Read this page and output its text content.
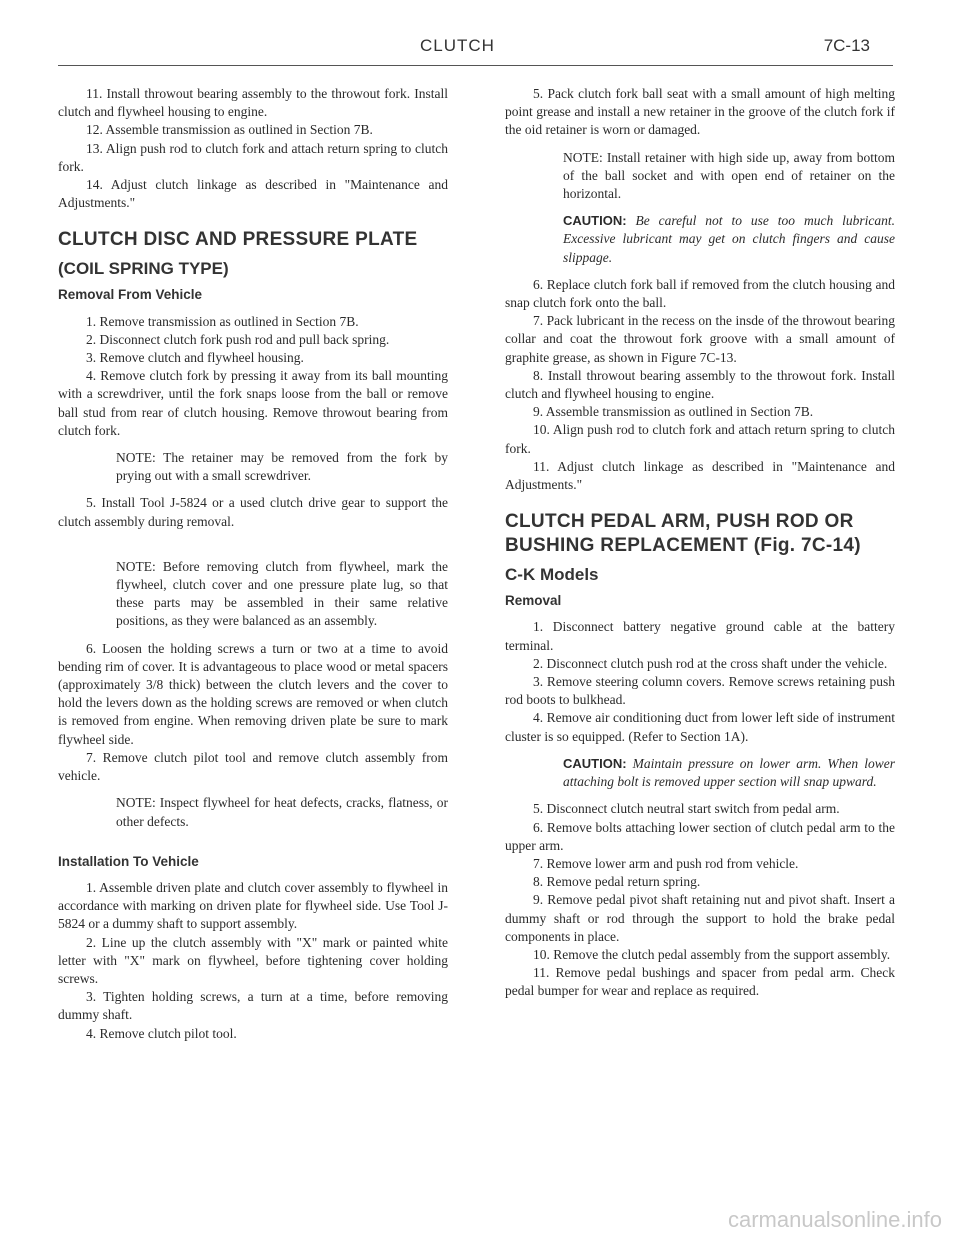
CLUTCH	7C-13

11. Install throwout bearing assembly to the throwout fork. Install clutch and flywheel housing to engine.

12. Assemble transmission as outlined in Section 7B.

13. Align push rod to clutch fork and attach return spring to clutch fork.

14. Adjust clutch linkage as described in "Maintenance and Adjustments."

CLUTCH DISC AND PRESSURE PLATE
(COIL SPRING TYPE)
Removal From Vehicle

1. Remove transmission as outlined in Section 7B.

2. Disconnect clutch fork push rod and pull back spring.

3. Remove clutch and flywheel housing.

4. Remove clutch fork by pressing it away from its ball mounting with a screwdriver, until the fork snaps loose from the ball or remove ball stud from rear of clutch housing. Remove throwout bearing from clutch fork.

NOTE: The retainer may be removed from the fork by prying out with a small screwdriver.

5. Install Tool J-5824 or a used clutch drive gear to support the clutch assembly during removal.

NOTE: Before removing clutch from flywheel, mark the flywheel, clutch cover and one pressure plate lug, so that these parts may be assembled in their same relative positions, as they were balanced as an assembly.

6. Loosen the holding screws a turn or two at a time to avoid bending rim of cover. It is advantageous to place wood or metal spacers (approximately 3/8 thick) between the clutch levers and the cover to hold the levers down as the holding screws are removed or when clutch is removed from engine. When removing driven plate be sure to mark flywheel side.

7. Remove clutch pilot tool and remove clutch assembly from vehicle.

NOTE: Inspect flywheel for heat defects, cracks, flatness, or other defects.

Installation To Vehicle

1. Assemble driven plate and clutch cover assembly to flywheel in accordance with marking on driven plate for flywheel side. Use Tool J-5824 or a dummy shaft to support assembly.

2. Line up the clutch assembly with "X" mark or painted white letter with "X" mark on flywheel, before tightening cover holding screws.

3. Tighten holding screws, a turn at a time, before removing dummy shaft.

4. Remove clutch pilot tool.

5. Pack clutch fork ball seat with a small amount of high melting point grease and install a new retainer in the groove of the clutch fork if the oid retainer is worn or damaged.

NOTE: Install retainer with high side up, away from bottom of the ball socket and with open end of retainer on the horizontal.

CAUTION: Be careful not to use too much lubricant. Excessive lubricant may get on clutch fingers and cause slippage.

6. Replace clutch fork ball if removed from the clutch housing and snap clutch fork onto the ball.

7. Pack lubricant in the recess on the insde of the throwout bearing collar and coat the throwout fork groove with a small amount of graphite grease, as shown in Figure 7C-13.

8. Install throwout bearing assembly to the throwout fork. Install clutch and flywheel housing to engine.

9. Assemble transmission as outlined in Section 7B.

10. Align push rod to clutch fork and attach return spring to clutch fork.

11. Adjust clutch linkage as described in "Maintenance and Adjustments."

CLUTCH PEDAL ARM, PUSH ROD OR BUSHING REPLACEMENT (Fig. 7C-14)
C-K Models
Removal

1. Disconnect battery negative ground cable at the battery terminal.

2. Disconnect clutch push rod at the cross shaft under the vehicle.

3. Remove steering column covers. Remove screws retaining push rod boots to bulkhead.

4. Remove air conditioning duct from lower left side of instrument cluster is so equipped. (Refer to Section 1A).

CAUTION: Maintain pressure on lower arm. When lower attaching bolt is removed upper section will snap upward.

5. Disconnect clutch neutral start switch from pedal arm.

6. Remove bolts attaching lower section of clutch pedal arm to the upper arm.

7. Remove lower arm and push rod from vehicle.

8. Remove pedal return spring.

9. Remove pedal pivot shaft retaining nut and pivot shaft. Insert a dummy shaft or rod through the support to hold the brake pedal components in place.

10. Remove the clutch pedal assembly from the support assembly.

11. Remove pedal bushings and spacer from pedal arm. Check pedal bumper for wear and replace as required.

carmanualsonline.info
